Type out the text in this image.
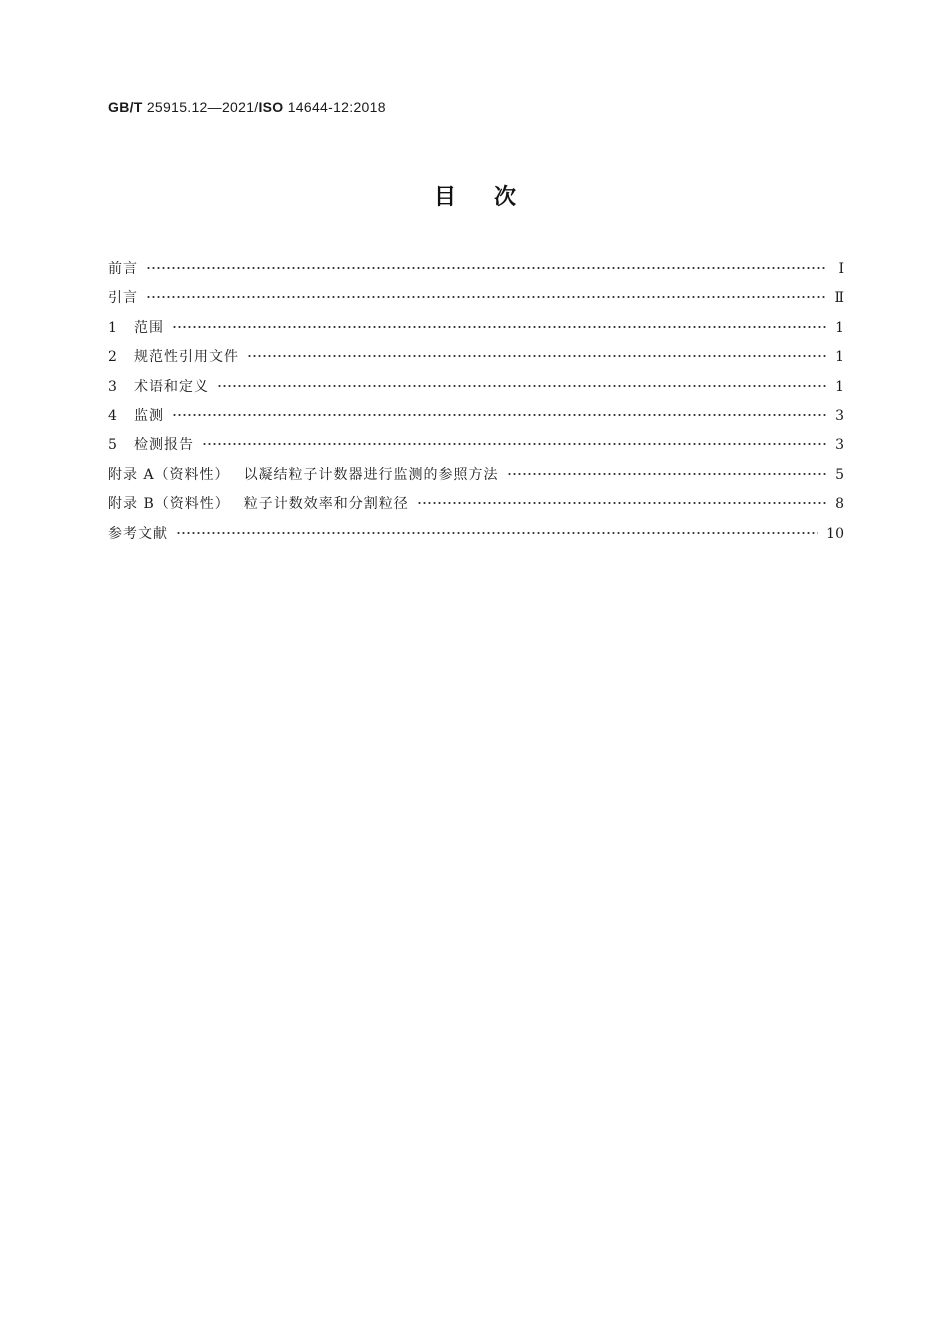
GB/T 25915.12—2021/ISO 14644-12:2018
目次
前言	Ⅰ
引言	Ⅱ
1	范围	1
2	规范性引用文件	1
3	术语和定义	1
4	监测	3
5	检测报告	3
附录 A（资料性） 以凝结粒子计数器进行监测的参照方法	5
附录 B（资料性） 粒子计数效率和分割粒径	8
参考文献	10
